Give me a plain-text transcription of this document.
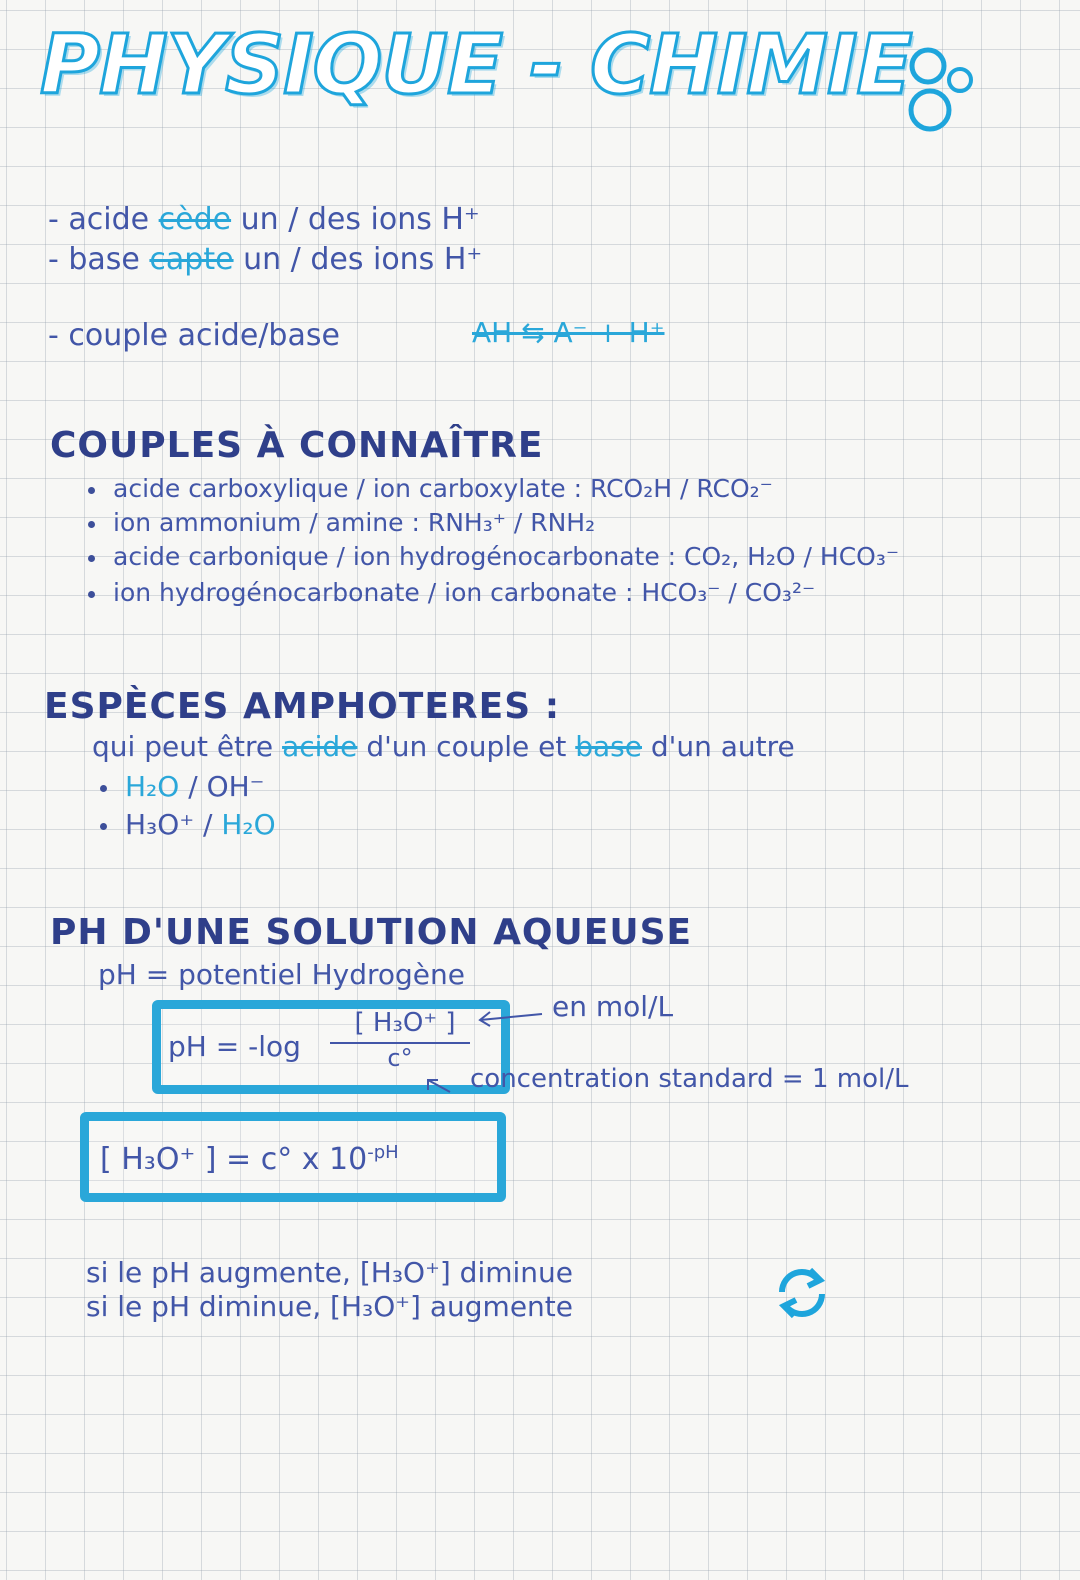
PHYSIQUE - CHIMIE
- acide cède un / des ions H⁺
- base capte un / des ions H⁺
- couple acide/base	AH ⇆ A⁻ + H⁺
COUPLES À CONNAÎTRE
acide carboxylique / ion carboxylate : RCO₂H / RCO₂⁻
ion ammonium / amine : RNH₃⁺ / RNH₂
acide carbonique / ion hydrogénocarbonate : CO₂, H₂O / HCO₃⁻
ion hydrogénocarbonate / ion carbonate : HCO₃⁻ / CO₃²⁻
ESPÈCES AMPHOTERES :
qui peut être acide d'un couple et base d'un autre
H₂O / OH⁻
H₃O⁺ / H₂O
PH D'UNE SOLUTION AQUEUSE
pH = potentiel Hydrogène
pH = -log
[ H₃O⁺ ]
c°
en mol/L
concentration standard = 1 mol/L
[ H₃O⁺ ] = c° x $10^{-pH}$
si le pH augmente, [H₃O⁺] diminue
si le pH diminue, [H₃O⁺] augmente
